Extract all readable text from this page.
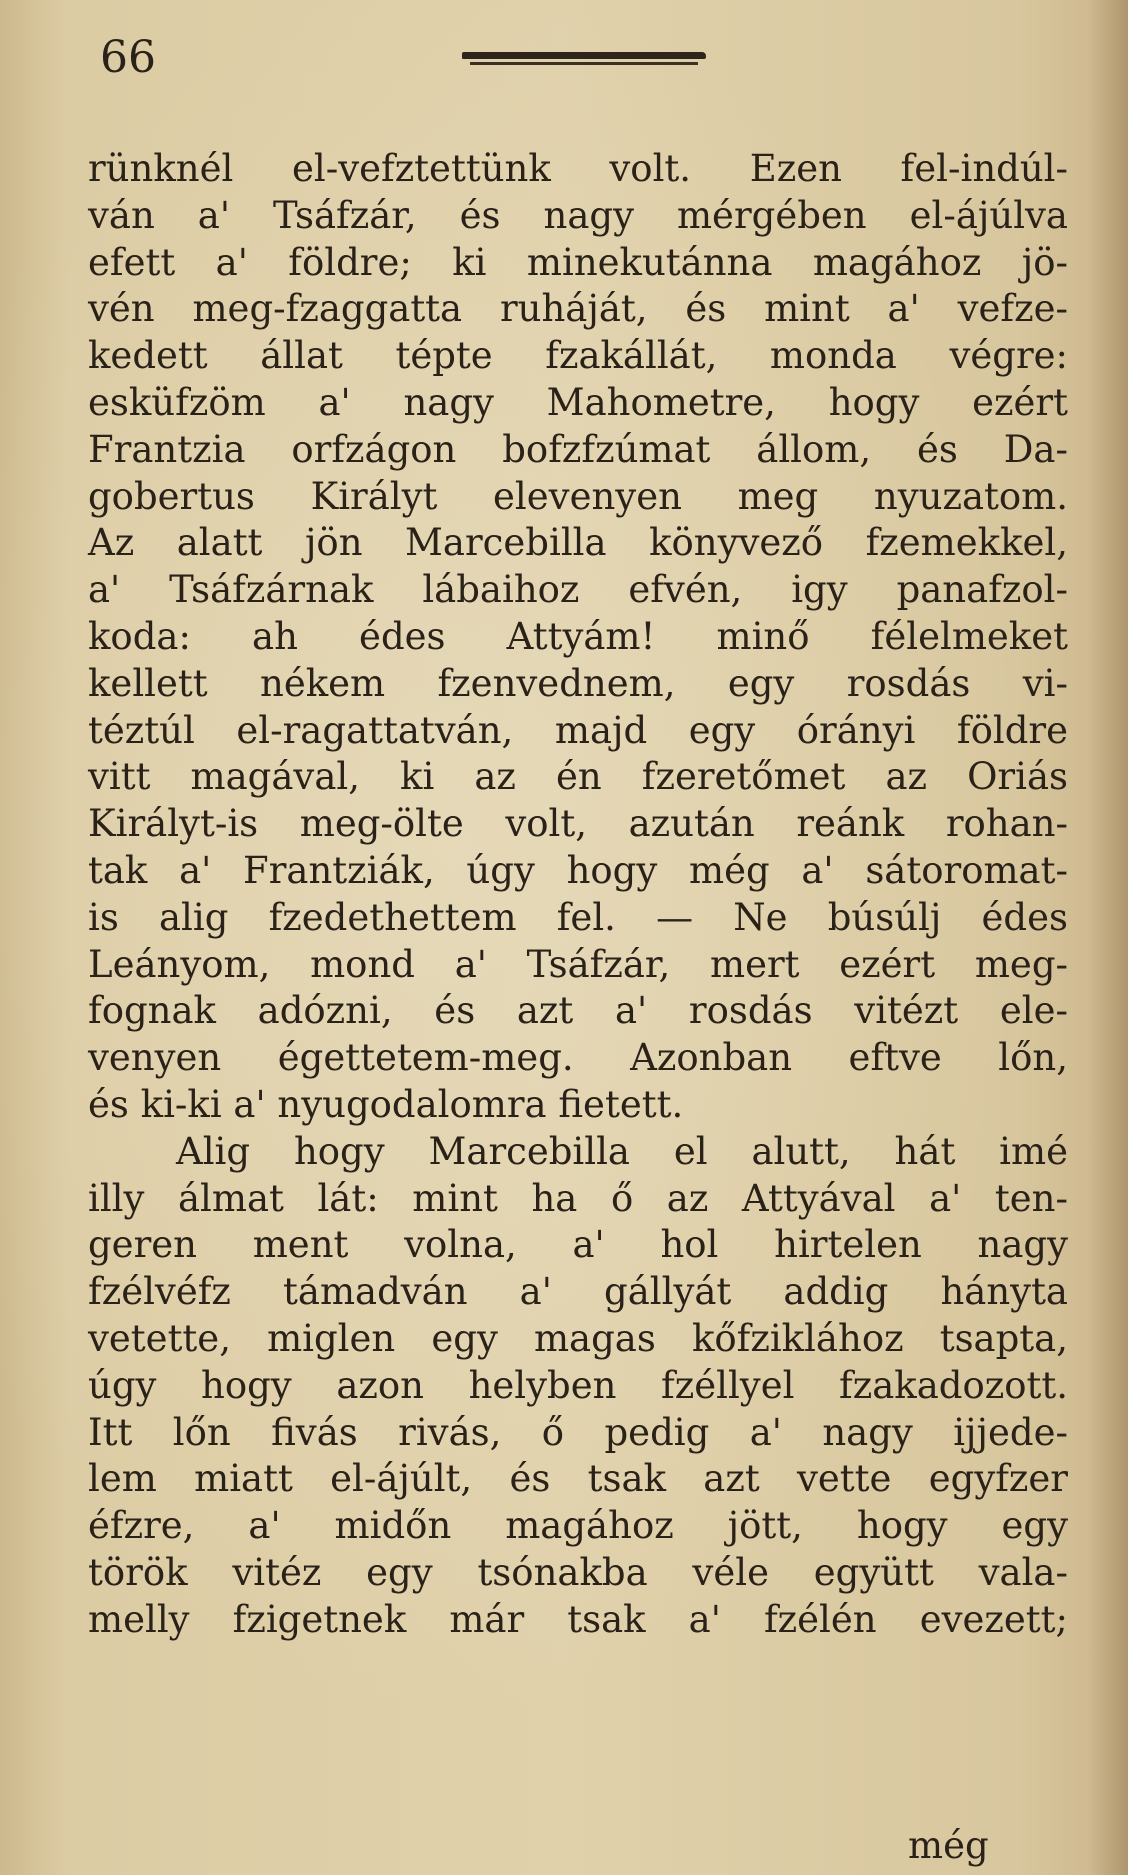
66
rünknél el-vefztettünk volt. Ezen fel-indúl-
ván a' Tsáfzár, és nagy mérgében el-ájúlva
efett a' földre; ki minekutánna magához jö-
vén meg-fzaggatta ruháját, és mint a' vefze-
kedett állat tépte fzakállát, monda végre:
esküfzöm a' nagy Mahometre, hogy ezért
Frantzia orfzágon bofzfzúmat állom, és Da-
gobertus Királyt elevenyen meg nyuzatom.
Az alatt jön Marcebilla könyvező fzemekkel,
a' Tsáfzárnak lábaihoz efvén, igy panafzol-
koda: ah édes Attyám! minő félelmeket
kellett nékem fzenvednem, egy rosdás vi-
téztúl el-ragattatván, majd egy órányi földre
vitt magával, ki az én fzeretőmet az Oriás
Királyt-is meg-ölte volt, azután reánk rohan-
tak a' Frantziák, úgy hogy még a' sátoromat-
is alig fzedethettem fel. — Ne búsúlj édes
Leányom, mond a' Tsáfzár, mert ezért meg-
fognak adózni, és azt a' rosdás vitézt ele-
venyen égettetem-meg. Azonban eftve lőn,
és ki-ki a' nyugodalomra fietett.
Alig hogy Marcebilla el alutt, hát imé
illy álmat lát: mint ha ő az Attyával a' ten-
geren ment volna, a' hol hirtelen nagy
fzélvéfz támadván a' gállyát addig hányta
vetette, miglen egy magas kőfziklához tsapta,
úgy hogy azon helyben fzéllyel fzakadozott.
Itt lőn fivás rivás, ő pedig a' nagy ijjede-
lem miatt el-ájúlt, és tsak azt vette egyfzer
éfzre, a' midőn magához jött, hogy egy
török vitéz egy tsónakba véle együtt vala-
melly fzigetnek már tsak a' fzélén evezett;
még
